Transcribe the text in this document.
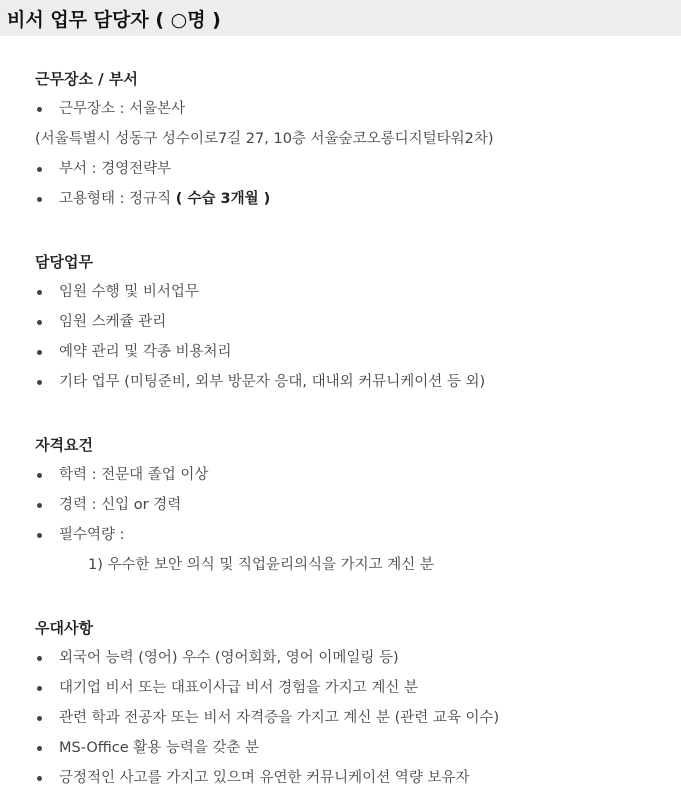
비서 업무 담당자 ( ○명 )
근무장소 / 부서
근무장소 : 서울본사
(서울특별시 성동구 성수이로7길 27, 10층 서울숲코오롱디지털타워2차)
부서 : 경영전략부
고용형태 : 정규직 ( 수습 3개월 )
담당업무
임원 수행 및 비서업무
임원 스케쥴 관리
예약 관리 및 각종 비용처리
기타 업무 (미팅준비, 외부 방문자 응대, 대내외 커뮤니케이션 등 외)
자격요건
학력 : 전문대 졸업 이상
경력 : 신입 or 경력
필수역량 :
1) 우수한 보안 의식 및 직업윤리의식을 가지고 계신 분
우대사항
외국어 능력 (영어) 우수 (영어회화, 영어 이메일링 등)
대기업 비서 또는 대표이사급 비서 경험을 가지고 계신 분
관련 학과 전공자 또는 비서 자격증을 가지고 계신 분 (관련 교육 이수)
MS-Office 활용 능력을 갖춘 분
긍정적인 사고를 가지고 있으며 유연한 커뮤니케이션 역량 보유자
